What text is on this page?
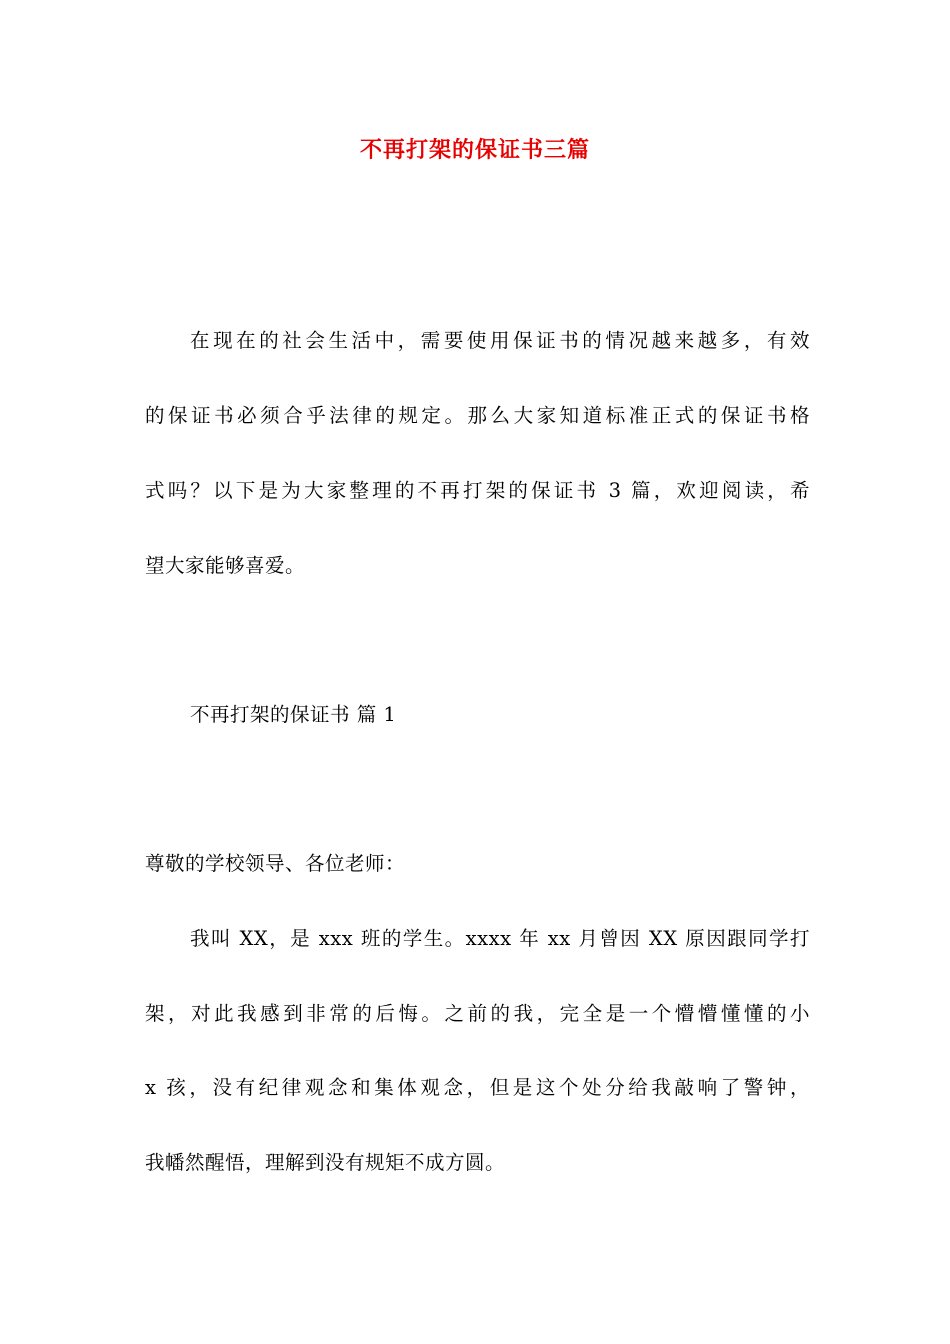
不再打架的保证书三篇
在现在的社会生活中，需要使用保证书的情况越来越多，有效
的保证书必须合乎法律的规定。那么大家知道标准正式的保证书格
式吗？以下是为大家整理的不再打架的保证书 3 篇，欢迎阅读，希
望大家能够喜爱。
不再打架的保证书 篇 1
尊敬的学校领导、各位老师：
我叫 XX，是 xxx 班的学生。xxxx 年 xx 月曾因 XX 原因跟同学打
架，对此我感到非常的后悔。之前的我，完全是一个懵懵懂懂的小
x 孩，没有纪律观念和集体观念，但是这个处分给我敲响了警钟，
我幡然醒悟，理解到没有规矩不成方圆。
